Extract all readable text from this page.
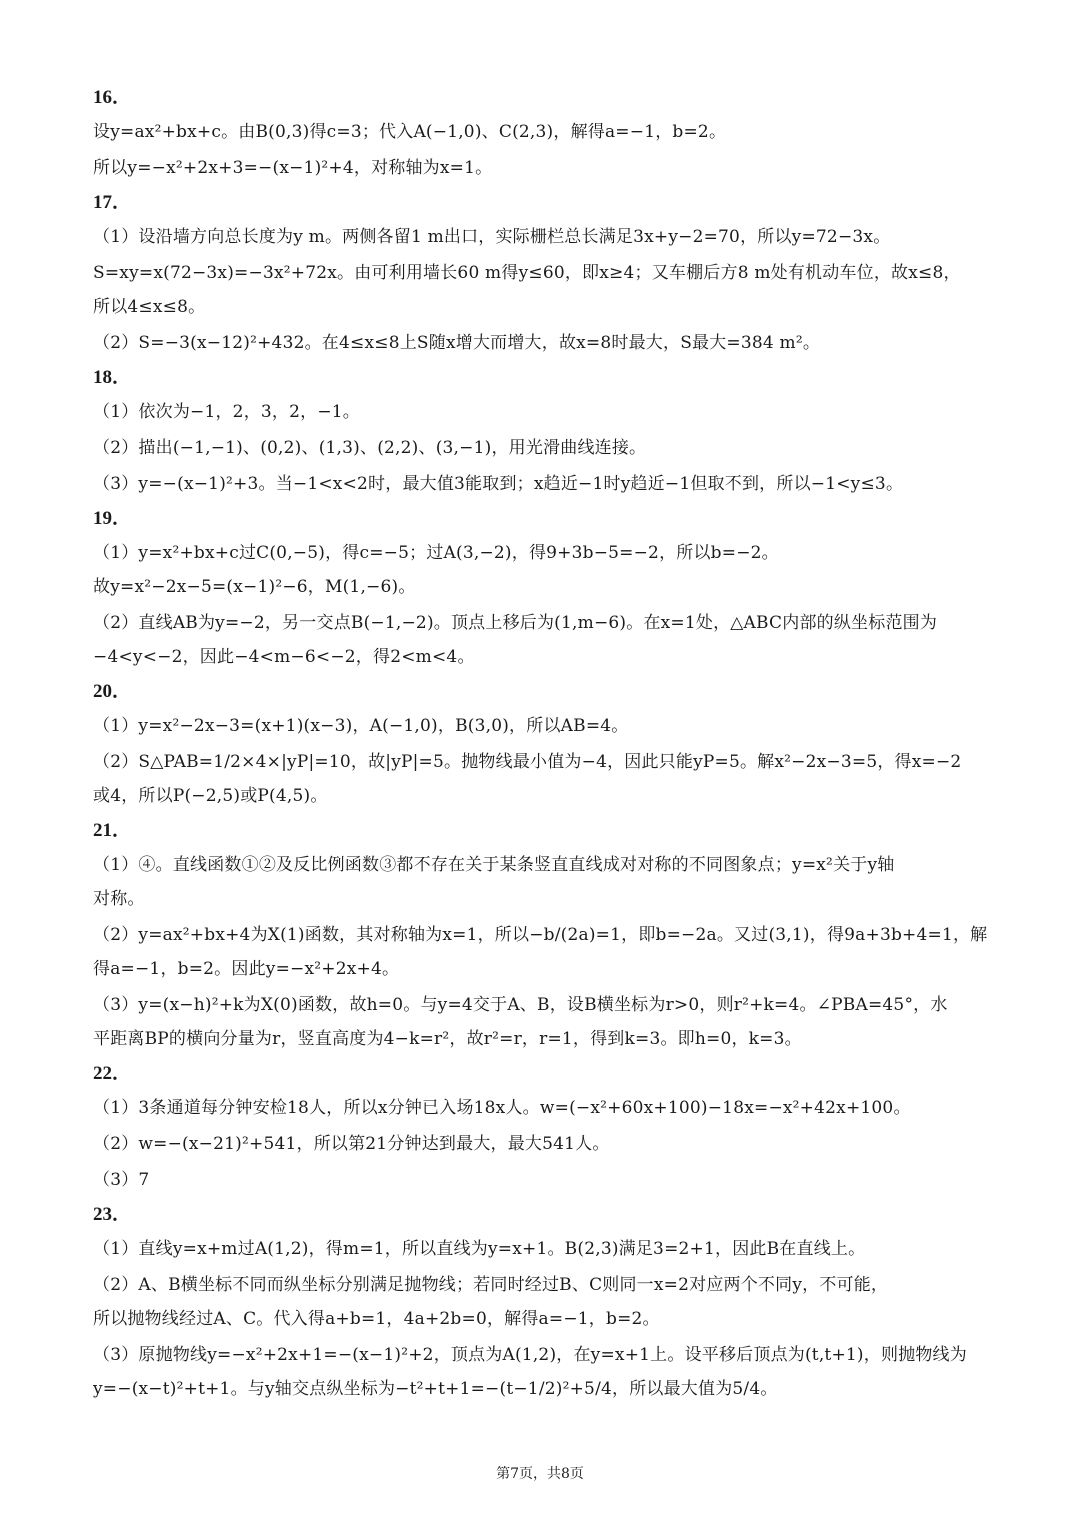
16．
设y=ax²+bx+c。由B(0,3)得c=3；代入A(−1,0)、C(2,3)，解得a=−1，b=2。
所以y=−x²+2x+3=−(x−1)²+4，对称轴为x=1。
17．
（1）设沿墙方向总长度为y m。两侧各留1 m出口，实际栅栏总长满足3x+y−2=70，所以y=72−3x。
S=xy=x(72−3x)=−3x²+72x。由可利用墙长60 m得y≤60，即x≥4；又车棚后方8 m处有机动车位，故x≤8，
所以4≤x≤8。
（2）S=−3(x−12)²+432。在4≤x≤8上S随x增大而增大，故x=8时最大，S最大=384 m²。
18．
（1）依次为−1，2，3，2，−1。
（2）描出(−1,−1)、(0,2)、(1,3)、(2,2)、(3,−1)，用光滑曲线连接。
（3）y=−(x−1)²+3。当−1<x<2时，最大值3能取到；x趋近−1时y趋近−1但取不到，所以−1<y≤3。
19．
（1）y=x²+bx+c过C(0,−5)，得c=−5；过A(3,−2)，得9+3b−5=−2，所以b=−2。
故y=x²−2x−5=(x−1)²−6，M(1,−6)。
（2）直线AB为y=−2，另一交点B(−1,−2)。顶点上移后为(1,m−6)。在x=1处，△ABC内部的纵坐标范围为
−4<y<−2，因此−4<m−6<−2，得2<m<4。
20．
（1）y=x²−2x−3=(x+1)(x−3)，A(−1,0)，B(3,0)，所以AB=4。
（2）S△PAB=1/2×4×|yP|=10，故|yP|=5。抛物线最小值为−4，因此只能yP=5。解x²−2x−3=5，得x=−2
或4，所以P(−2,5)或P(4,5)。
21．
（1）④。直线函数①②及反比例函数③都不存在关于某条竖直直线成对对称的不同图象点；y=x²关于y轴
对称。
（2）y=ax²+bx+4为X(1)函数，其对称轴为x=1，所以−b/(2a)=1，即b=−2a。又过(3,1)，得9a+3b+4=1，解
得a=−1，b=2。因此y=−x²+2x+4。
（3）y=(x−h)²+k为X(0)函数，故h=0。与y=4交于A、B，设B横坐标为r>0，则r²+k=4。∠PBA=45°，水
平距离BP的横向分量为r，竖直高度为4−k=r²，故r²=r，r=1，得到k=3。即h=0，k=3。
22．
（1）3条通道每分钟安检18人，所以x分钟已入场18x人。w=(−x²+60x+100)−18x=−x²+42x+100。
（2）w=−(x−21)²+541，所以第21分钟达到最大，最大541人。
（3）7
23．
（1）直线y=x+m过A(1,2)，得m=1，所以直线为y=x+1。B(2,3)满足3=2+1，因此B在直线上。
（2）A、B横坐标不同而纵坐标分别满足抛物线；若同时经过B、C则同一x=2对应两个不同y，不可能，
所以抛物线经过A、C。代入得a+b=1，4a+2b=0，解得a=−1，b=2。
（3）原抛物线y=−x²+2x+1=−(x−1)²+2，顶点为A(1,2)，在y=x+1上。设平移后顶点为(t,t+1)，则抛物线为
y=−(x−t)²+t+1。与y轴交点纵坐标为−t²+t+1=−(t−1/2)²+5/4，所以最大值为5/4。
第7页，共8页
